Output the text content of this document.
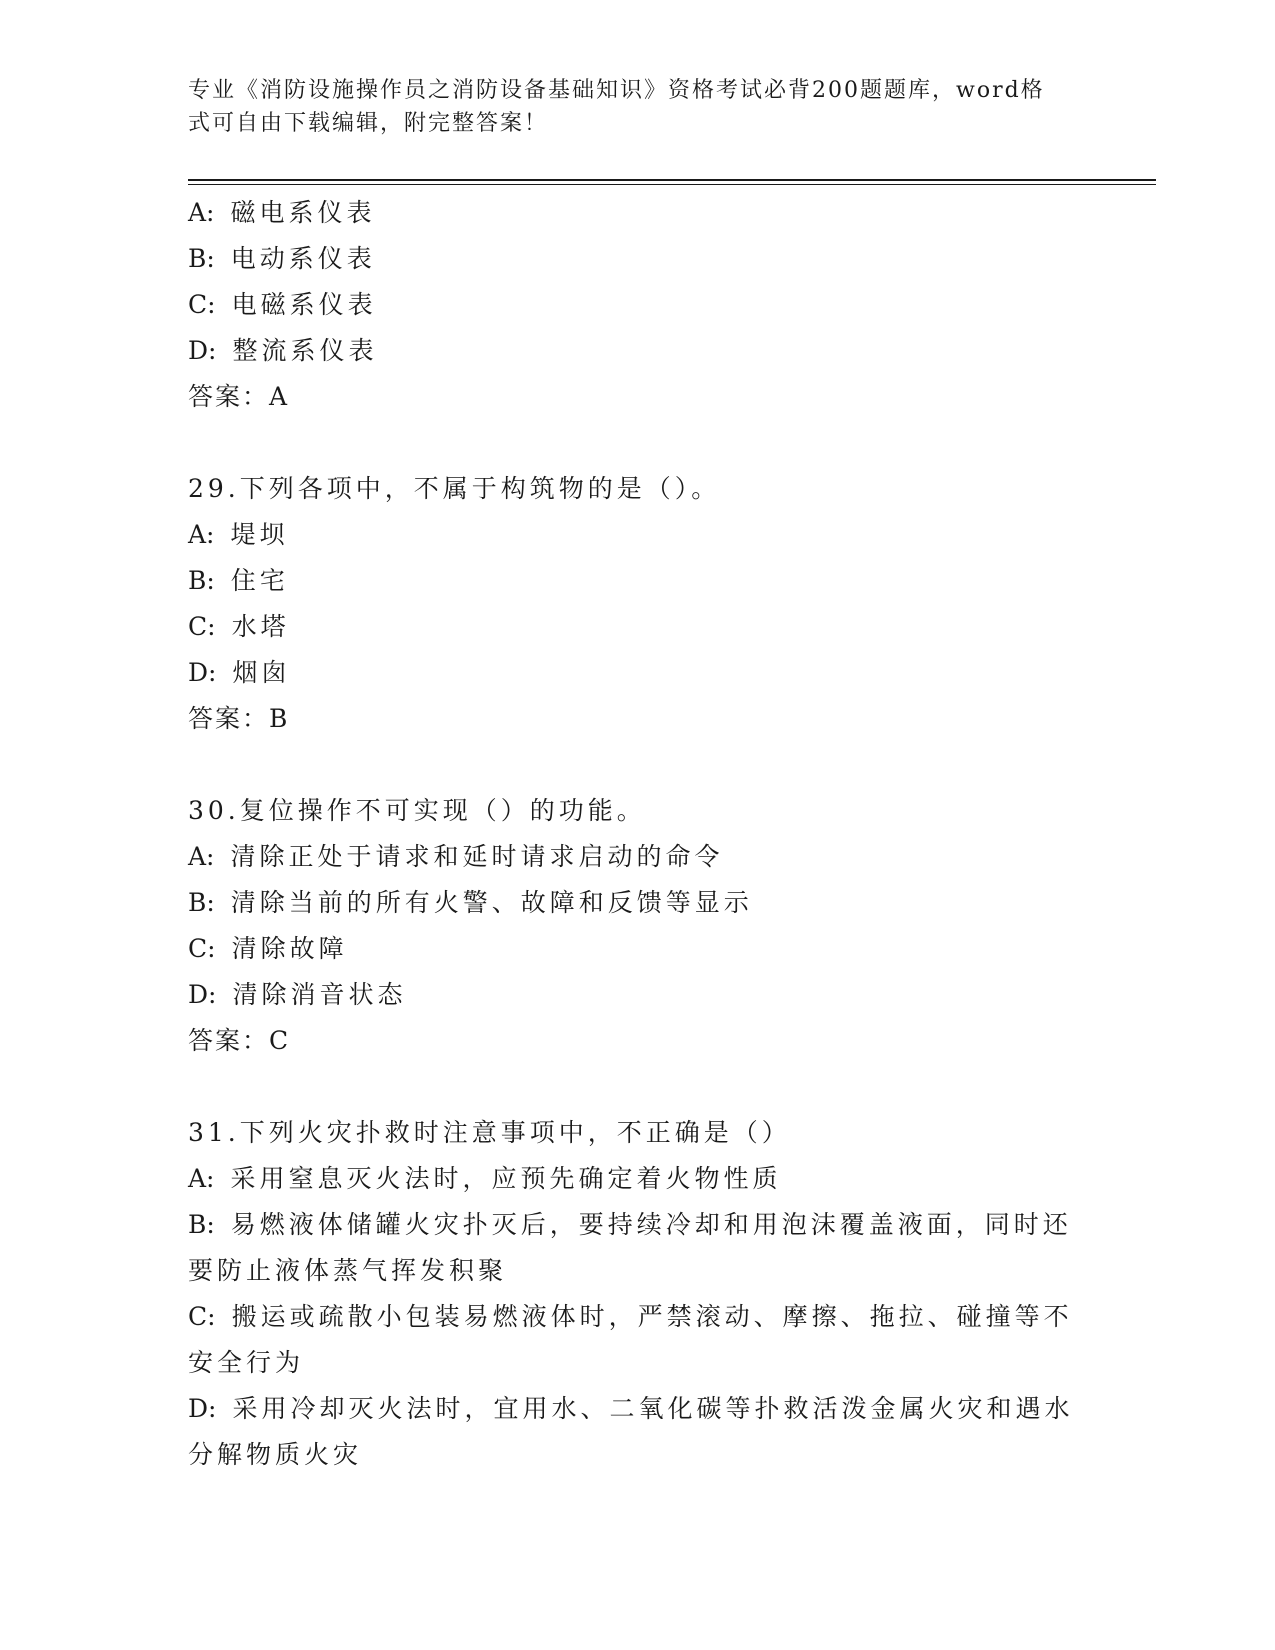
专业《消防设施操作员之消防设备基础知识》资格考试必背200题题库，word格式可自由下载编辑，附完整答案！
A: 磁电系仪表
B: 电动系仪表
C: 电磁系仪表
D: 整流系仪表
答案：A
29.下列各项中，不属于构筑物的是（）。
A: 堤坝
B: 住宅
C: 水塔
D: 烟囱
答案：B
30.复位操作不可实现（）的功能。
A: 清除正处于请求和延时请求启动的命令
B: 清除当前的所有火警、故障和反馈等显示
C: 清除故障
D: 清除消音状态
答案：C
31.下列火灾扑救时注意事项中，不正确是（）
A: 采用窒息灭火法时，应预先确定着火物性质
B: 易燃液体储罐火灾扑灭后，要持续冷却和用泡沫覆盖液面，同时还要防止液体蒸气挥发积聚
C: 搬运或疏散小包装易燃液体时，严禁滚动、摩擦、拖拉、碰撞等不安全行为
D: 采用冷却灭火法时，宜用水、二氧化碳等扑救活泼金属火灾和遇水分解物质火灾
